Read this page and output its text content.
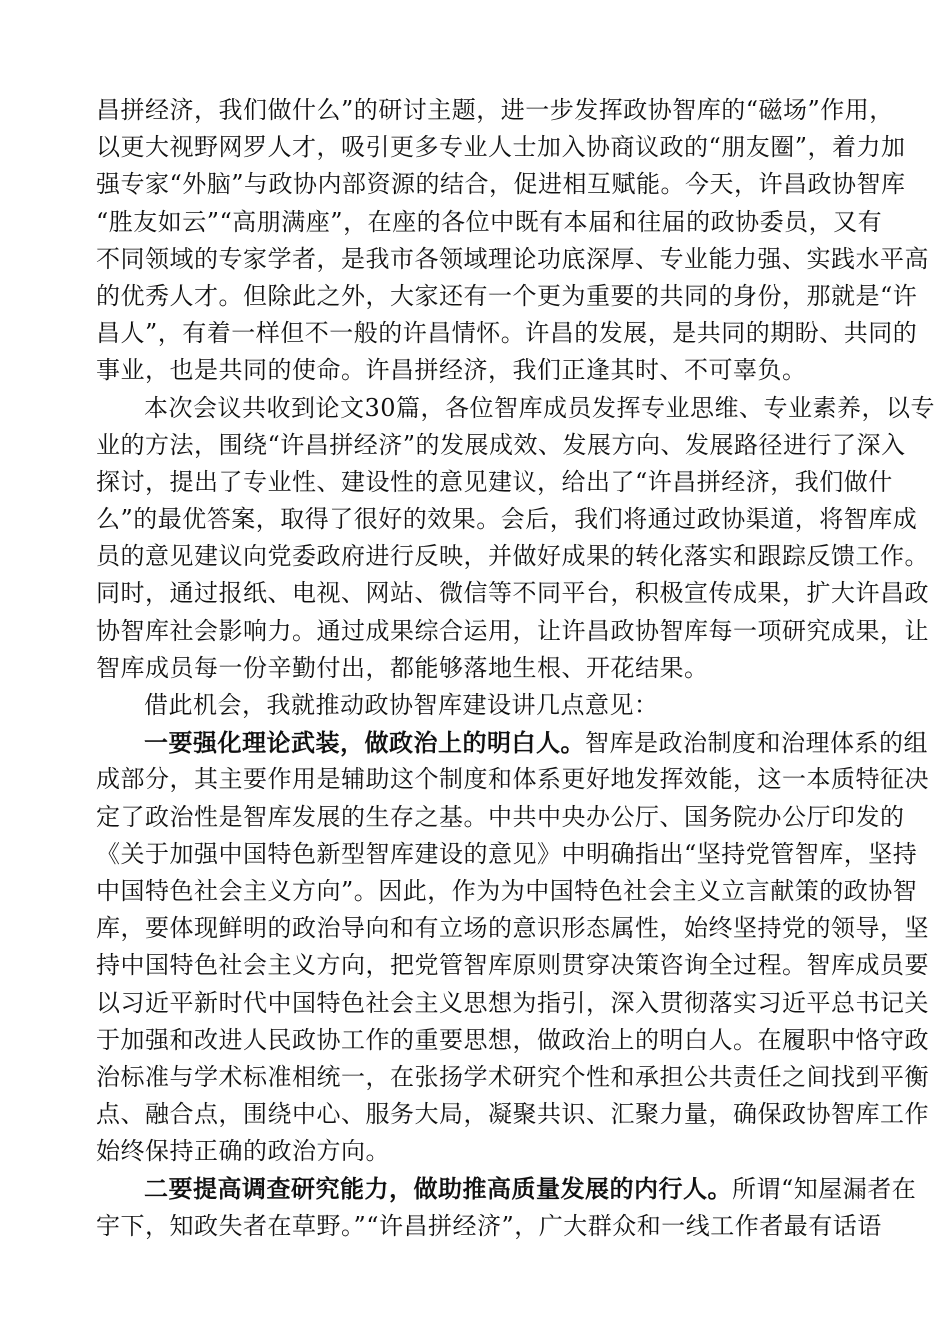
昌拼经济，我们做什么”的研讨主题，进一步发挥政协智库的“磁场”作用，
以更大视野网罗人才，吸引更多专业人士加入协商议政的“朋友圈”，着力加
强专家“外脑”与政协内部资源的结合，促进相互赋能。今天，许昌政协智库
“胜友如云”“高朋满座”，在座的各位中既有本届和往届的政协委员，又有
不同领域的专家学者，是我市各领域理论功底深厚、专业能力强、实践水平高
的优秀人才。但除此之外，大家还有一个更为重要的共同的身份，那就是“许
昌人”，有着一样但不一般的许昌情怀。许昌的发展，是共同的期盼、共同的
事业，也是共同的使命。许昌拼经济，我们正逢其时、不可辜负。
本次会议共收到论文30篇，各位智库成员发挥专业思维、专业素养，以专
业的方法，围绕“许昌拼经济”的发展成效、发展方向、发展路径进行了深入
探讨，提出了专业性、建设性的意见建议，给出了“许昌拼经济，我们做什
么”的最优答案，取得了很好的效果。会后，我们将通过政协渠道，将智库成
员的意见建议向党委政府进行反映，并做好成果的转化落实和跟踪反馈工作。
同时，通过报纸、电视、网站、微信等不同平台，积极宣传成果，扩大许昌政
协智库社会影响力。通过成果综合运用，让许昌政协智库每一项研究成果，让
智库成员每一份辛勤付出，都能够落地生根、开花结果。
借此机会，我就推动政协智库建设讲几点意见：
一要强化理论武装，做政治上的明白人。智库是政治制度和治理体系的组
成部分，其主要作用是辅助这个制度和体系更好地发挥效能，这一本质特征决
定了政治性是智库发展的生存之基。中共中央办公厅、国务院办公厅印发的
《关于加强中国特色新型智库建设的意见》中明确指出“坚持党管智库，坚持
中国特色社会主义方向”。因此，作为为中国特色社会主义立言献策的政协智
库，要体现鲜明的政治导向和有立场的意识形态属性，始终坚持党的领导，坚
持中国特色社会主义方向，把党管智库原则贯穿决策咨询全过程。智库成员要
以习近平新时代中国特色社会主义思想为指引，深入贯彻落实习近平总书记关
于加强和改进人民政协工作的重要思想，做政治上的明白人。在履职中恪守政
治标准与学术标准相统一，在张扬学术研究个性和承担公共责任之间找到平衡
点、融合点，围绕中心、服务大局，凝聚共识、汇聚力量，确保政协智库工作
始终保持正确的政治方向。
二要提高调查研究能力，做助推高质量发展的内行人。所谓“知屋漏者在
宇下，知政失者在草野。”“许昌拼经济”，广大群众和一线工作者最有话语
